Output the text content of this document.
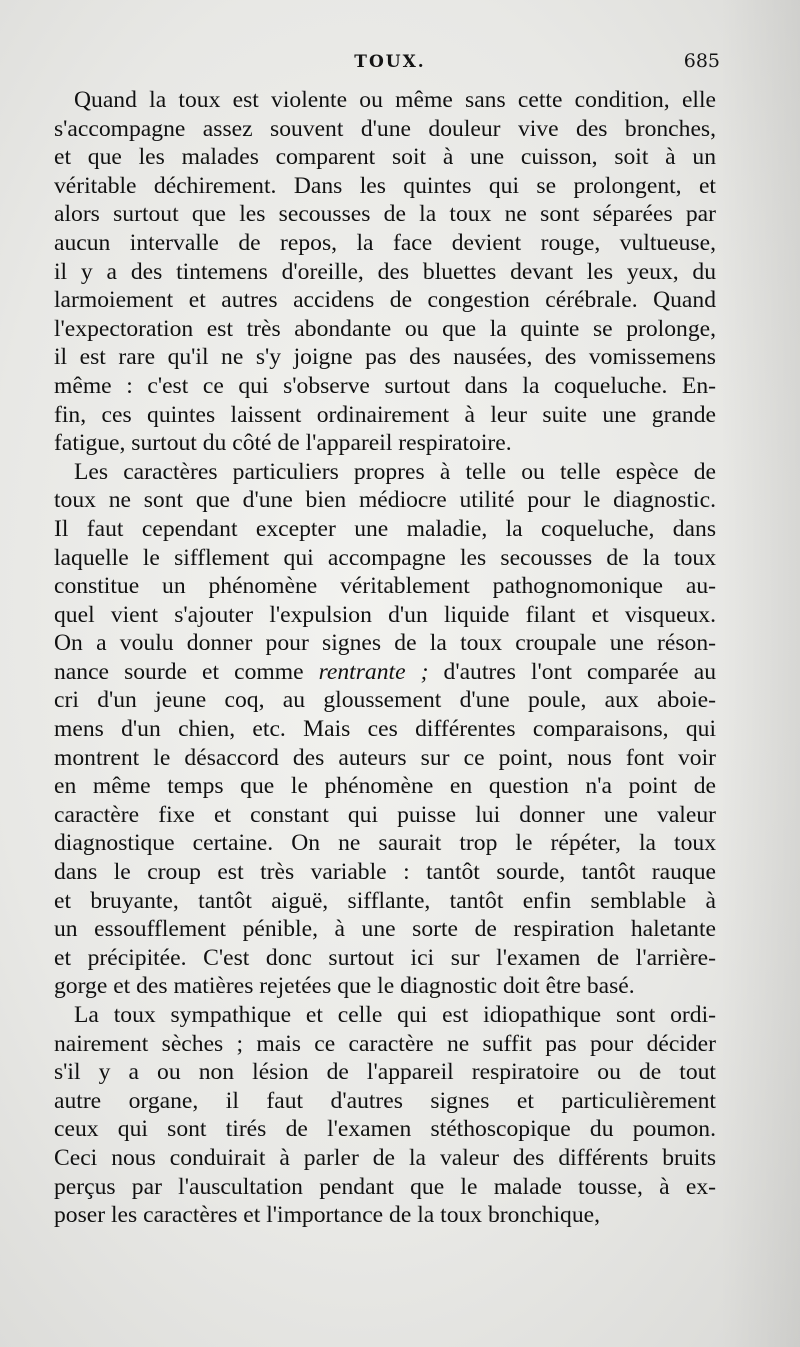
TOUX.	685
Quand la toux est violente ou même sans cette condition, elle
s'accompagne assez souvent d'une douleur vive des bronches,
et que les malades comparent soit à une cuisson, soit à un
véritable déchirement. Dans les quintes qui se prolongent, et
alors surtout que les secousses de la toux ne sont séparées par
aucun intervalle de repos, la face devient rouge, vultueuse,
il y a des tintemens d'oreille, des bluettes devant les yeux, du
larmoiement et autres accidens de congestion cérébrale. Quand
l'expectoration est très abondante ou que la quinte se prolonge,
il est rare qu'il ne s'y joigne pas des nausées, des vomissemens
même : c'est ce qui s'observe surtout dans la coqueluche. En-
fin, ces quintes laissent ordinairement à leur suite une grande
fatigue, surtout du côté de l'appareil respiratoire.
Les caractères particuliers propres à telle ou telle espèce de
toux ne sont que d'une bien médiocre utilité pour le diagnostic.
Il faut cependant excepter une maladie, la coqueluche, dans
laquelle le sifflement qui accompagne les secousses de la toux
constitue un phénomène véritablement pathognomonique au-
quel vient s'ajouter l'expulsion d'un liquide filant et visqueux.
On a voulu donner pour signes de la toux croupale une réson-
nance sourde et comme rentrante ; d'autres l'ont comparée au
cri d'un jeune coq, au gloussement d'une poule, aux aboie-
mens d'un chien, etc. Mais ces différentes comparaisons, qui
montrent le désaccord des auteurs sur ce point, nous font voir
en même temps que le phénomène en question n'a point de
caractère fixe et constant qui puisse lui donner une valeur
diagnostique certaine. On ne saurait trop le répéter, la toux
dans le croup est très variable : tantôt sourde, tantôt rauque
et bruyante, tantôt aiguë, sifflante, tantôt enfin semblable à
un essoufflement pénible, à une sorte de respiration haletante
et précipitée. C'est donc surtout ici sur l'examen de l'arrière-
gorge et des matières rejetées que le diagnostic doit être basé.
La toux sympathique et celle qui est idiopathique sont ordi-
nairement sèches ; mais ce caractère ne suffit pas pour décider
s'il y a ou non lésion de l'appareil respiratoire ou de tout
autre organe, il faut d'autres signes et particulièrement
ceux qui sont tirés de l'examen stéthoscopique du poumon.
Ceci nous conduirait à parler de la valeur des différents bruits
perçus par l'auscultation pendant que le malade tousse, à ex-
poser les caractères et l'importance de la toux bronchique,
